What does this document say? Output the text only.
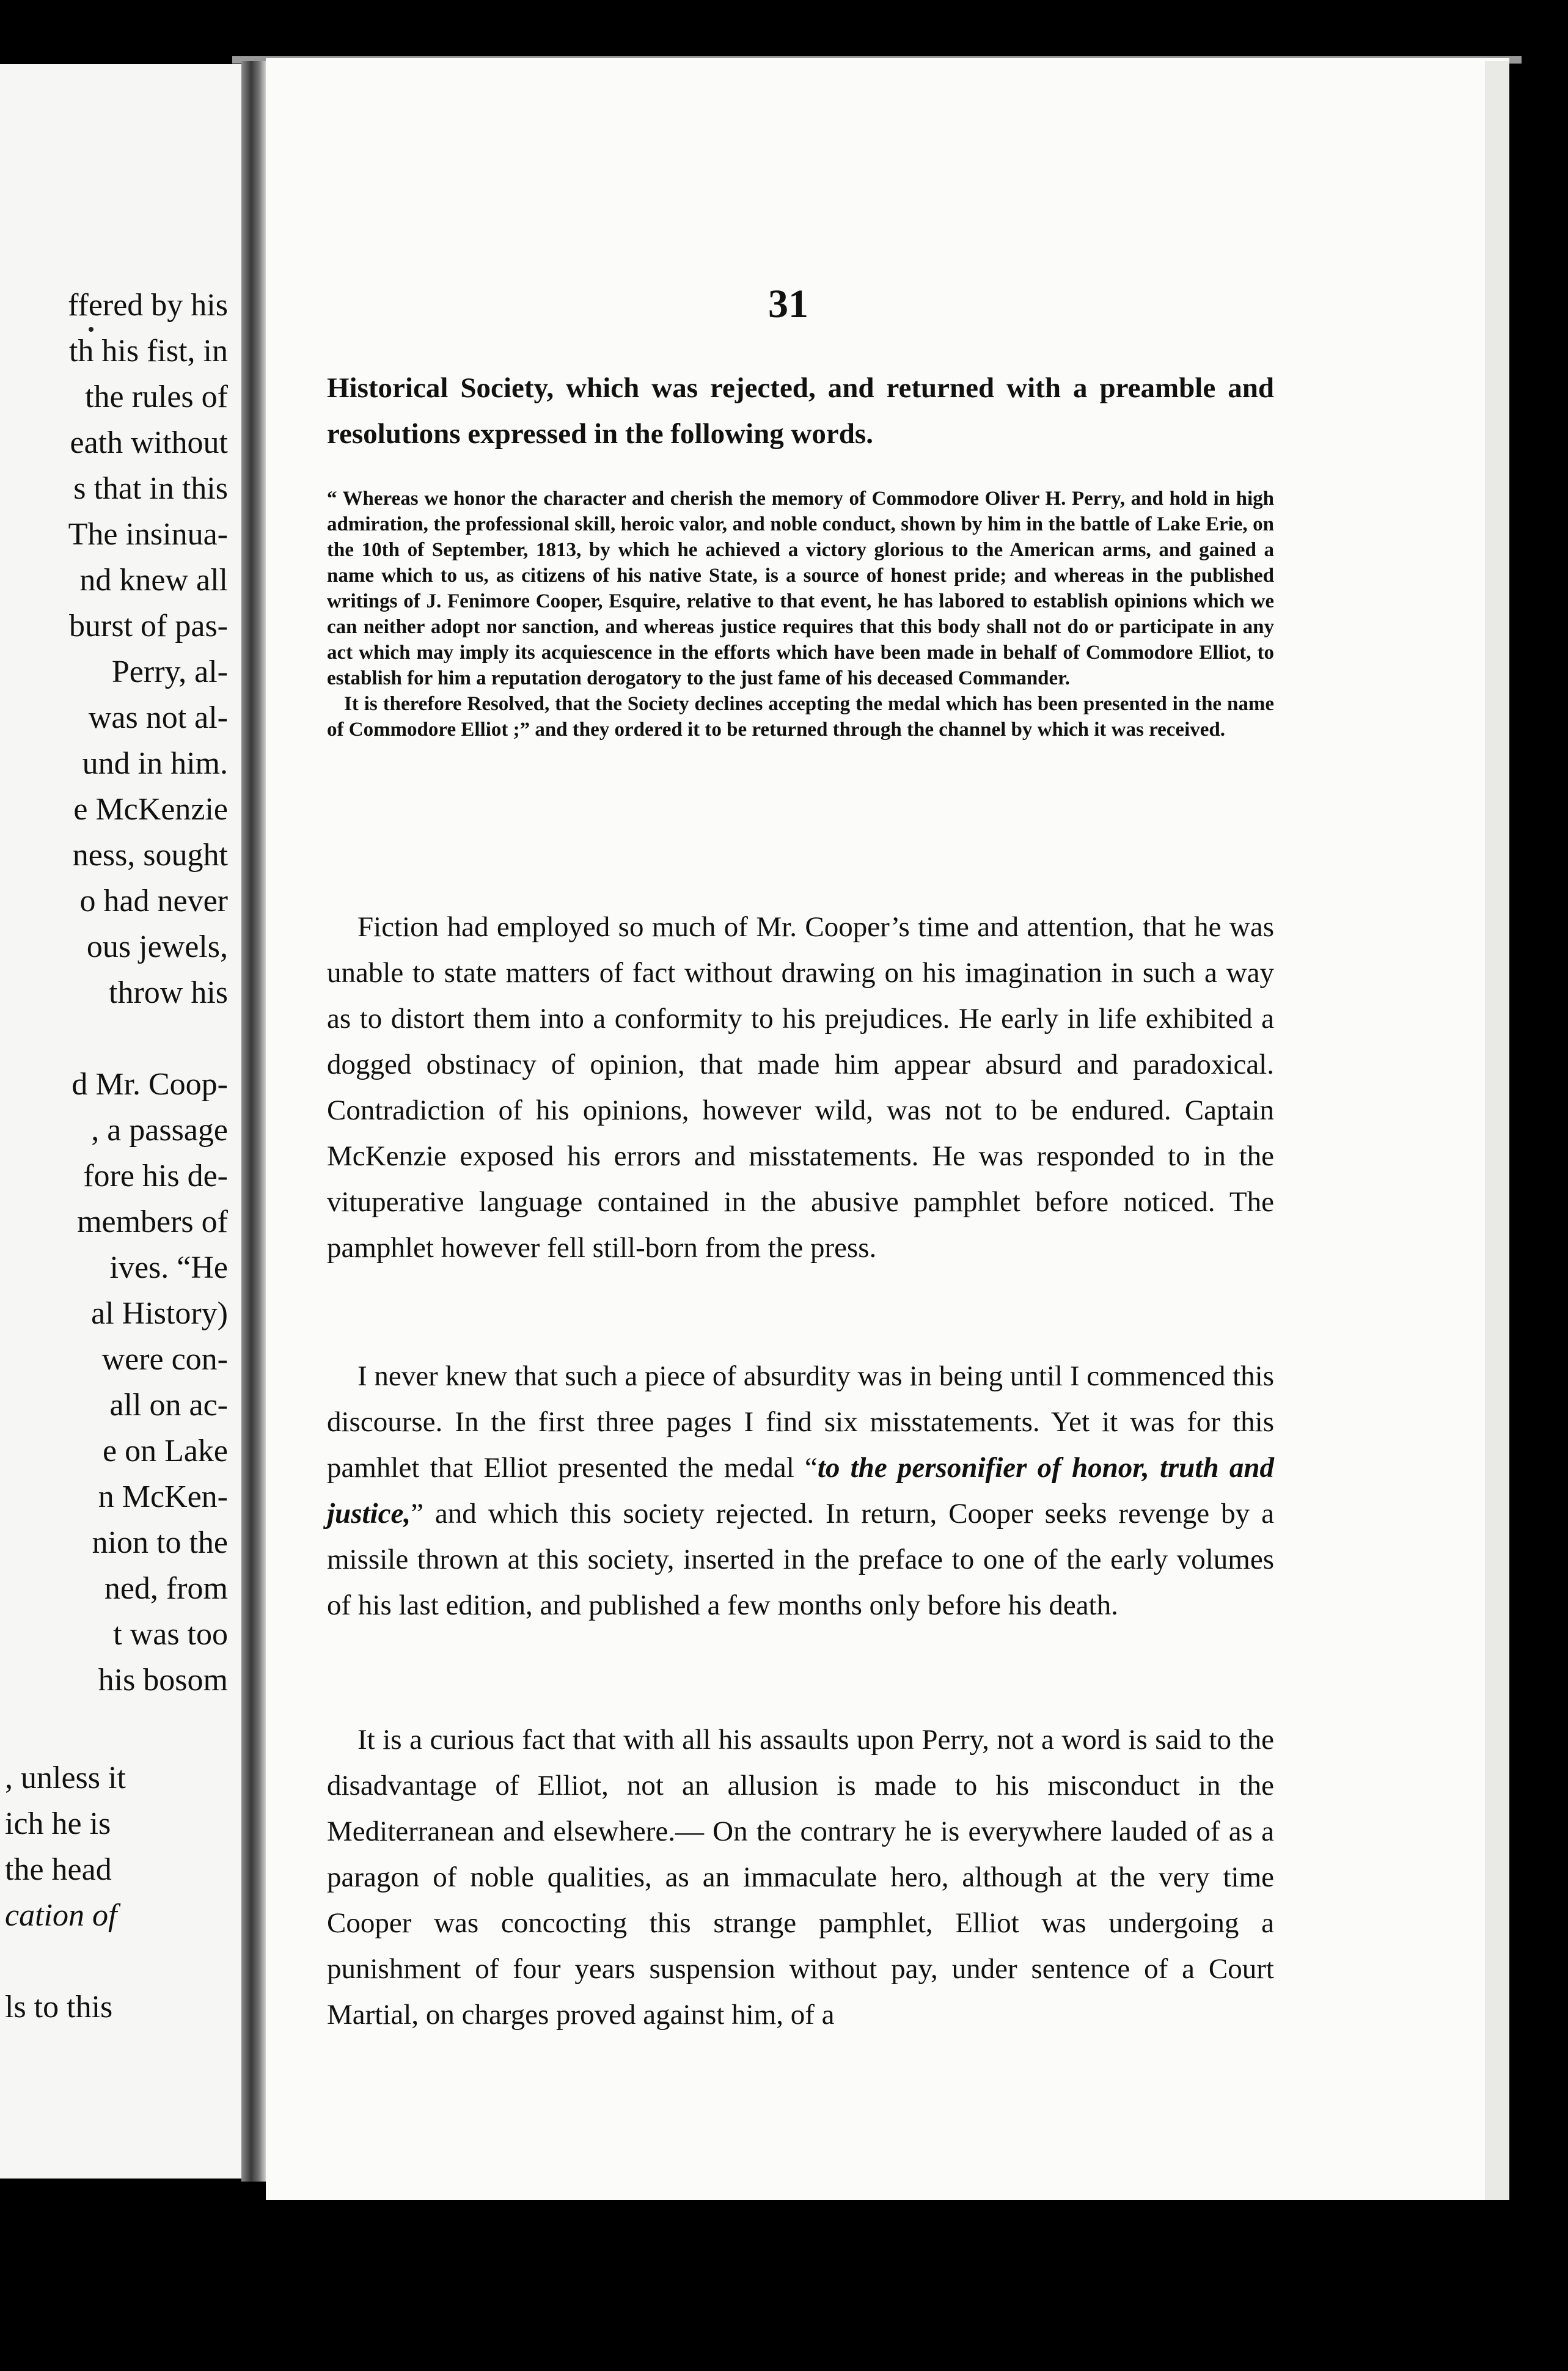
ffered by his
th his fist, in
the rules of
eath without
s that in this
The insinua-
nd knew all
burst of pas-
Perry, al-
was not al-
und in him.
e McKenzie
ness, sought
o had never
ous jewels,
throw his
d Mr. Coop-
, a passage
fore his de-
members of
ives. “He
al History)
were con-
all on ac-
e on Lake
n McKen-
nion to the
ned, from
t was too
his bosom
, unless it
ich he is
the head
cation of
ls to this
31
Historical Society, which was rejected, and returned with a preamble and resolutions expressed in the following words.

“ Whereas we honor the character and cherish the memory of Commodore Oliver H. Perry, and hold in high admiration, the professional skill, heroic valor, and noble conduct, shown by him in the battle of Lake Erie, on the 10th of September, 1813, by which he achieved a victory glorious to the American arms, and gained a name which to us, as citizens of his native State, is a source of honest pride; and whereas in the published writings of J. Fenimore Cooper, Esquire, relative to that event, he has labored to establish opinions which we can neither adopt nor sanction, and whereas justice requires that this body shall not do or participate in any act which may imply its acquiescence in the efforts which have been made in behalf of Commodore Elliot, to establish for him a reputation derogatory to the just fame of his deceased Commander.

It is therefore Resolved, that the Society declines accepting the medal which has been presented in the name of Commodore Elliot ;” and they ordered it to be returned through the channel by which it was received.

Fiction had employed so much of Mr. Cooper’s time and attention, that he was unable to state matters of fact without drawing on his imagination in such a way as to distort them into a conformity to his prejudices. He early in life exhibited a dogged obstinacy of opinion, that made him appear absurd and paradoxical. Contradiction of his opinions, however wild, was not to be endured. Captain McKenzie exposed his errors and misstatements. He was responded to in the vituperative language contained in the abusive pamphlet before noticed. The pamphlet however fell still-born from the press.
I never knew that such a piece of absurdity was in being until I commenced this discourse. In the first three pages I find six misstatements. Yet it was for this pamhlet that Elliot presented the medal “to the personifier of honor, truth and justice,” and which this society rejected. In return, Cooper seeks revenge by a missile thrown at this society, inserted in the preface to one of the early volumes of his last edition, and published a few months only before his death.
It is a curious fact that with all his assaults upon Perry, not a word is said to the disadvantage of Elliot, not an allusion is made to his misconduct in the Mediterranean and elsewhere.— On the contrary he is everywhere lauded of as a paragon of noble qualities, as an immaculate hero, although at the very time Cooper was concocting this strange pamphlet, Elliot was undergoing a punishment of four years suspension without pay, under sentence of a Court Martial, on charges proved against him, of a
